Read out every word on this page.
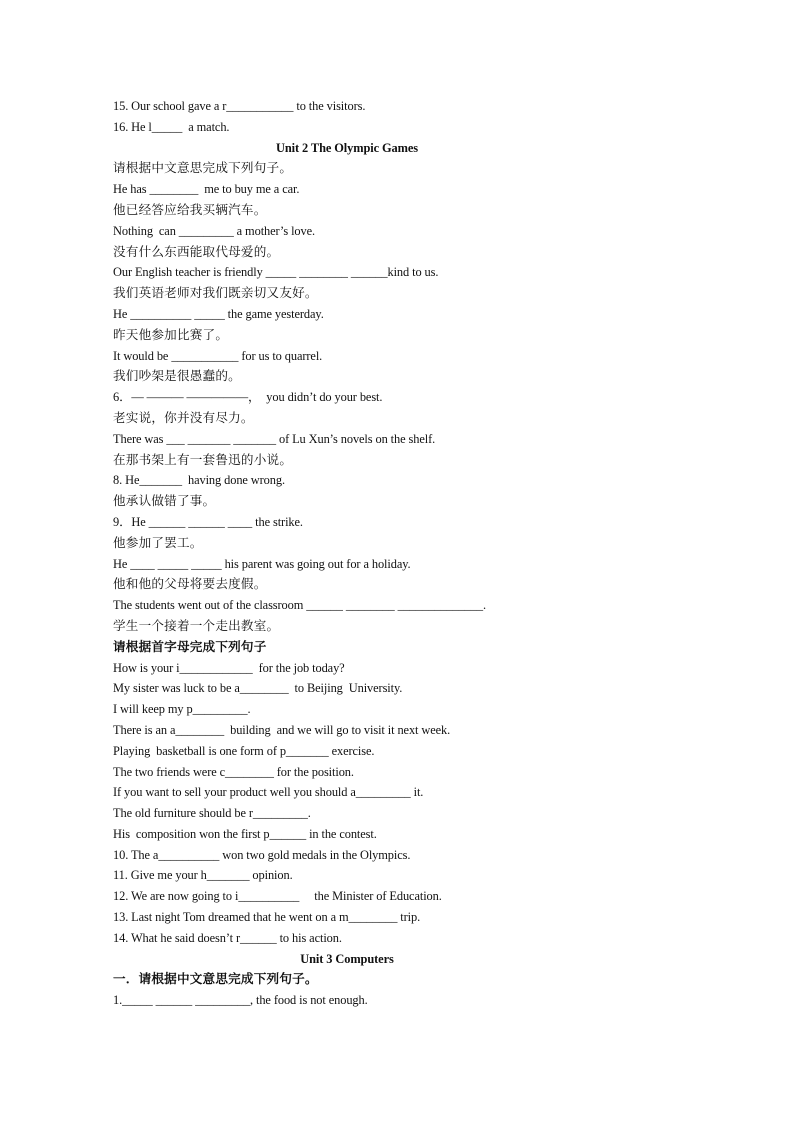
15. Our school gave a r___________ to the visitors.
16. He l_____  a match.
Unit 2 The Olympic Games
请根据中文意思完成下列句子。
He has ________  me to buy me a car.
他已经答应给我买辆汽车。
Nothing  can _________ a mother’s love.
没有什么东西能取代母爱的。
Our English teacher is friendly _____ ________ ______kind to us.
我们英语老师对我们既亲切又友好。
He __________ _____ the game yesterday.
昨天他参加比赛了。
It would be ___________ for us to quarrel.
我们吵架是很愚蠢的。
6．— ——— —————，  you didn’t do your best.
老实说，你并没有尽力。
There was ___ _______ _______ of Lu Xun’s novels on the shelf.
在那书架上有一套鲁迅的小说。
8. He_______  having done wrong.
他承认做错了事。
9．He ______ ______ ____ the strike.
他参加了罢工。
He ____ _____ _____ his parent was going out for a holiday.
他和他的父母将要去度假。
The students went out of the classroom ______ ________ ______________.
学生一个接着一个走出教室。
请根据首字母完成下列句子
How is your i____________  for the job today?
My sister was luck to be a________  to Beijing  University.
I will keep my p_________.
There is an a________  building  and we will go to visit it next week.
Playing  basketball is one form of p_______ exercise.
The two friends were c________ for the position.
If you want to sell your product well you should a_________ it.
The old furniture should be r_________.
His  composition won the first p______ in the contest.
10. The a__________ won two gold medals in the Olympics.
11. Give me your h_______ opinion.
12. We are now going to i__________     the Minister of Education.
13. Last night Tom dreamed that he went on a m________ trip.
14. What he said doesn’t r______ to his action.
Unit 3 Computers
一．请根据中文意思完成下列句子。
1._____ ______ _________, the food is not enough.
